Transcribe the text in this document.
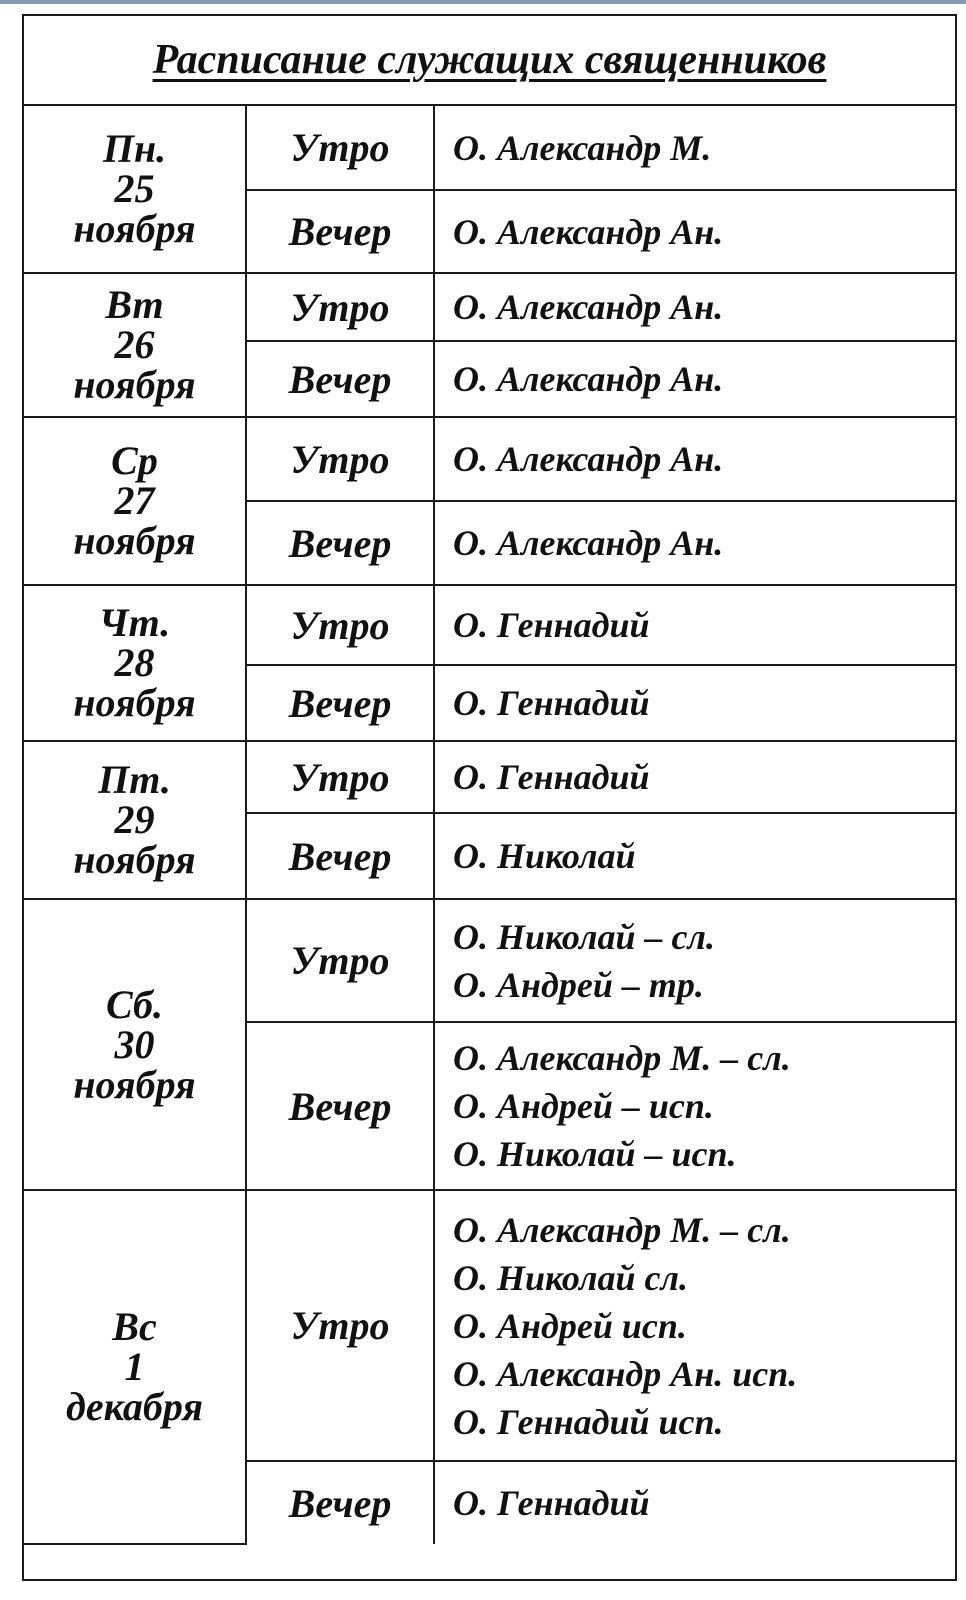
Расписание служащих священников
Пн.
25
ноября	Утро	О. Александр М.

	Вечер	О. Александр Ан.

Вт
26
ноября	Утро	О. Александр Ан.

	Вечер	О. Александр Ан.

Ср
27
ноября	Утро	О. Александр Ан.

	Вечер	О. Александр Ан.

Чт.
28
ноября	Утро	О. Геннадий

	Вечер	О. Геннадий

Пт.
29
ноября	Утро	О. Геннадий

	Вечер	О. Николай

Сб.
30
ноября	Утро	О. Николай – сл.
О. Андрей – тр.

	Вечер	О. Александр М. – сл.
О. Андрей – исп.
О. Николай – исп.

Вс
1
декабря	Утро	О. Александр М. – сл.
О. Николай сл.
О. Андрей исп.
О. Александр Ан. исп.
О. Геннадий исп.

	Вечер	О. Геннадий
